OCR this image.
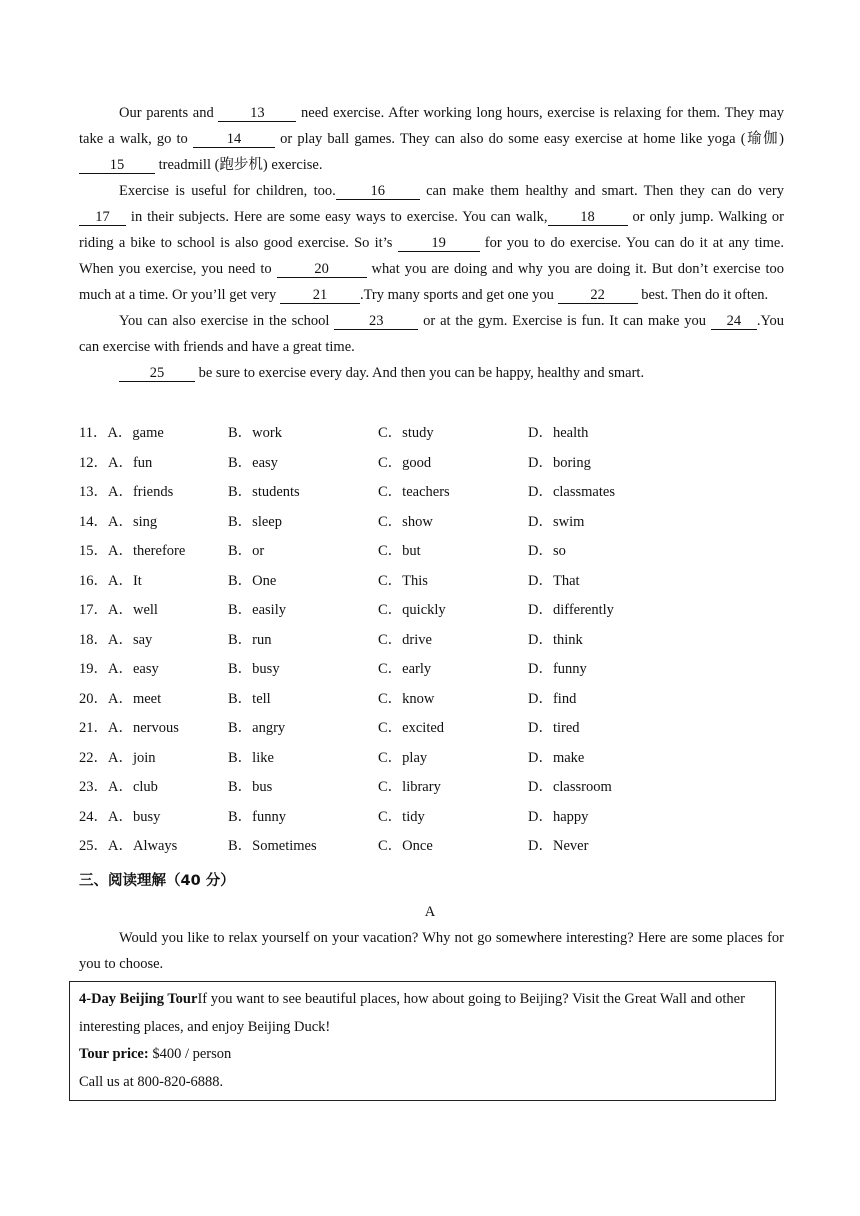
Our parents and 13 need exercise. After working long hours, exercise is relaxing for them. They may take a walk, go to 14 or play ball games. They can also do some easy exercise at home like yoga (瑜伽) 15 treadmill (跑步机) exercise.

Exercise is useful for children, too. 16 can make them healthy and smart. Then they can do very 17 in their subjects. Here are some easy ways to exercise. You can walk, 18 or only jump. Walking or riding a bike to school is also good exercise. So it’s 19 for you to do exercise. You can do it at any time. When you exercise, you need to	20	what you are doing and why you are doing it. But don’t exercise too much at a time. Or you’ll get very 21 .Try many sports and get one you 22 best. Then do it often.

You can also exercise in the school 23 or at the gym. Exercise is fun. It can make you 24 .You can exercise with friends and have a great time.

25 be sure to exercise every day. And then you can be happy, healthy and smart.

11．A．game	B．work	C．study	D．health
12．A．fun	B．easy	C．good	D．boring
13．A．friends	B．students	C．teachers	D．classmates
14．A．sing	B．sleep	C．show	D．swim
15．A．therefore	B．or	C．but	D．so
16．A．It	B．One	C．This	D．That
17．A．well	B．easily	C．quickly	D．differently
18．A．say	B．run	C．drive	D．think
19．A．easy	B．busy	C．early	D．funny
20．A．meet	B．tell	C．know	D．find
21．A．nervous	B．angry	C．excited	D．tired
22．A．join	B．like	C．play	D．make
23．A．club	B．bus	C．library	D．classroom
24．A．busy	B．funny	C．tidy	D．happy
25．A．Always	B．Sometimes	C．Once	D．Never
三、阅读理解（40 分）
A

Would you like to relax yourself on your vacation? Why not go somewhere interesting? Here are some places for you to choose.

4-Day Beijing TourIf you want to see beautiful places, how about going to Beijing? Visit the Great Wall and other interesting places, and enjoy Beijing Duck!

Tour price: $400 / person

Call us at 800-820-6888.
